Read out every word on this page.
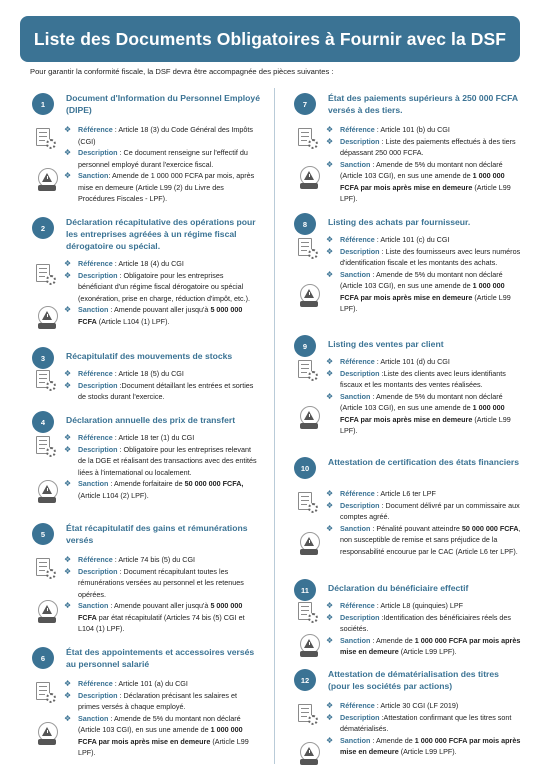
Liste des Documents Obligatoires à Fournir avec la DSF

Pour garantir la conformité fiscale, la DSF devra être accompagnée des pièces suivantes :

1
Document d'Information du Personnel Employé (DIPE)
❖ Référence : Article 18 (3) du Code Général des Impôts (CGI)
❖ Description : Ce document renseigne sur l'effectif du personnel employé durant l'exercice fiscal.
❖ Sanction: Amende de 1 000 000 FCFA par mois, après mise en demeure (Article L99 (2) du Livre des Procédures Fiscales - LPF).
2
Déclaration récapitulative des opérations pour les entreprises agréées à un régime fiscal dérogatoire ou spécial.
❖ Référence : Article 18 (4) du CGI
❖ Description : Obligatoire pour les entreprises bénéficiant d'un régime fiscal dérogatoire ou spécial (exonération, prise en charge, réduction d'impôt, etc.).
❖ Sanction : Amende pouvant aller jusqu'à 5 000 000 FCFA (Article L104 (1) LPF).
3	Récapitulatif des mouvements de stocks
❖ Référence : Article 18 (5) du CGI
❖ Description :Document détaillant les entrées et sorties de stocks durant l'exercice.
4	Déclaration annuelle des prix de transfert
❖ Référence : Article 18 ter (1) du CGI
❖ Description : Obligatoire pour les entreprises relevant de la DGE et réalisant des transactions avec des entités liées à l'international ou localement.
❖ Sanction : Amende forfaitaire de 50 000 000 FCFA, (Article L104 (2) LPF).
5
État récapitulatif des gains et rémunérations versés
❖ Référence : Article 74 bis (5) du CGI
❖ Description : Document récapitulant toutes les rémunérations versées au personnel et les retenues opérées.
❖ Sanction : Amende pouvant aller jusqu'à 5 000 000 FCFA par état récapitulatif (Articles 74 bis (5) CGI et L104 (1) LPF).
6
État des appointements et accessoires versés au personnel salarié
❖ Référence : Article 101 (a) du CGI
❖ Description : Déclaration précisant les salaires et primes versés à chaque employé.
❖ Sanction : Amende de 5% du montant non déclaré (Article 103 CGI), en sus une amende de 1 000 000 FCFA par mois après mise en demeure (Article L99 LPF).
7
État des paiements supérieurs à 250 000 FCFA versés à des tiers.
❖ Référence : Article 101 (b) du CGI
❖ Description : Liste des paiements effectués à des tiers dépassant 250 000 FCFA.
❖ Sanction : Amende de 5% du montant non déclaré (Article 103 CGI), en sus une amende de 1 000 000 FCFA par mois après mise en demeure (Article L99 LPF).
8	Listing des achats par fournisseur.
❖ Référence : Article 101 (c) du CGI
❖ Description : Liste des fournisseurs avec leurs numéros d'identification fiscale et les montants des achats.
❖ Sanction : Amende de 5% du montant non déclaré (Article 103 CGI), en sus une amende de 1 000 000 FCFA par mois après mise en demeure (Article L99 LPF).
9	Listing des ventes par client
❖ Référence : Article 101 (d) du CGI
❖ Description :Liste des clients avec leurs identifiants fiscaux et les montants des ventes réalisées.
❖ Sanction : Amende de 5% du montant non déclaré (Article 103 CGI), en sus une amende de 1 000 000 FCFA par mois après mise en demeure (Article L99 LPF).
10
Attestation de certification des états financiers
❖ Référence : Article L6 ter LPF
❖ Description : Document délivré par un commissaire aux comptes agréé.
❖ Sanction : Pénalité pouvant atteindre 50 000 000 FCFA, non susceptible de remise et sans préjudice de la responsabilité encourue par le CAC (Article L6 ter LPF).
11	Déclaration du bénéficiaire effectif
❖ Référence : Article L8 (quinquies) LPF
❖ Description :Identification des bénéficiaires réels des sociétés.
❖ Sanction : Amende de 1 000 000 FCFA par mois après mise en demeure (Article L99 LPF).
12
Attestation de dématérialisation des titres (pour les sociétés par actions)
❖ Référence : Article 30 CGI (LF 2019)
❖ Description :Attestation confirmant que les titres sont dématérialisés.
❖ Sanction : Amende de 1 000 000 FCFA par mois après mise en demeure (Article L99 LPF).
